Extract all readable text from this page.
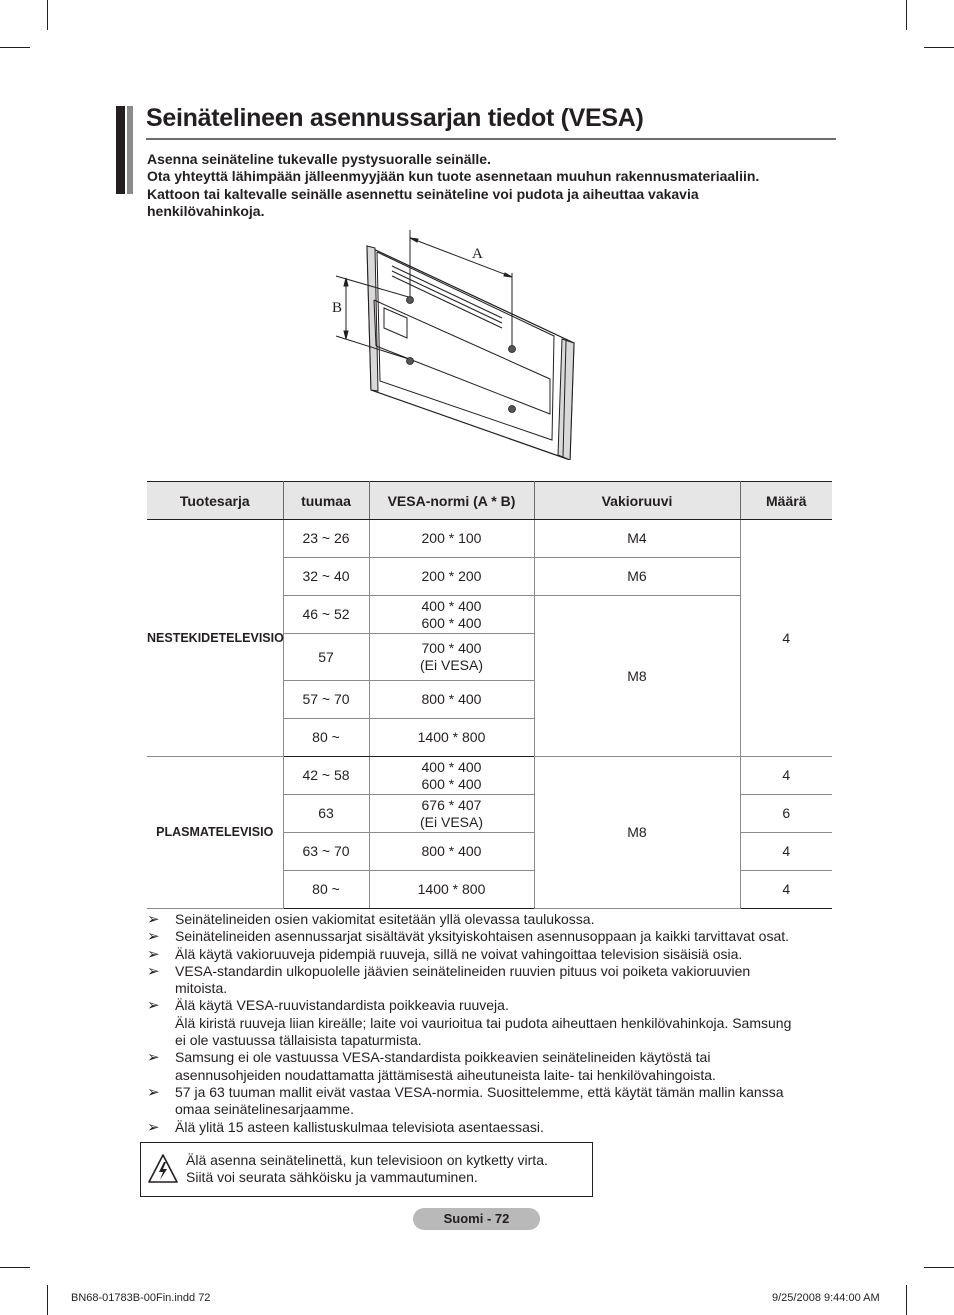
Seinätelineen asennussarjan tiedot (VESA)
Asenna seinäteline tukevalle pystysuoralle seinälle.
Ota yhteyttä lähimpään jälleenmyyjään kun tuote asennetaan muuhun rakennusmateriaaliin.
Kattoon tai kaltevalle seinälle asennettu seinäteline voi pudota ja aiheuttaa vakavia
henkilövahinkoja.
A
B
Tuotesarja	tuumaa	VESA-normi (A * B)	Vakioruuvi	Määrä
NESTEKIDETELEVISIO	23 ~ 26	200 * 100	M4	4
	32 ~ 40	200 * 200	M6	
	46 ~ 52	400 * 400
600 * 400	M8	
	57	700 * 400
(Ei VESA)		

	57 ~ 70	800 * 400		

	80 ~	1400 * 800		

PLASMATELEVISIO	42 ~ 58	400 * 400
600 * 400	M8	4
	63	676 * 407
(Ei VESA)		6
	63 ~ 70	800 * 400		4
	80 ~	1400 * 800		4
➢	Seinätelineiden osien vakiomitat esitetään yllä olevassa taulukossa.
➢	Seinätelineiden asennussarjat sisältävät yksityiskohtaisen asennusoppaan ja kaikki tarvittavat osat.
➢	Älä käytä vakioruuveja pidempiä ruuveja, sillä ne voivat vahingoittaa television sisäisiä osia.
➢	VESA-standardin ulkopuolelle jäävien seinätelineiden ruuvien pituus voi poiketa vakioruuvien
mitoista.
➢	Älä käytä VESA-ruuvistandardista poikkeavia ruuveja.
Älä kiristä ruuveja liian kireälle; laite voi vaurioitua tai pudota aiheuttaen henkilövahinkoja. Samsung
ei ole vastuussa tällaisista tapaturmista.
➢	Samsung ei ole vastuussa VESA-standardista poikkeavien seinätelineiden käytöstä tai
asennusohjeiden noudattamatta jättämisestä aiheutuneista laite- tai henkilövahingoista.
➢	57 ja 63 tuuman mallit eivät vastaa VESA-normia. Suosittelemme, että käytät tämän mallin kanssa
omaa seinätelinesarjaamme.
➢	Älä ylitä 15 asteen kallistuskulmaa televisiota asentaessasi.
Älä asenna seinätelinettä, kun televisioon on kytketty virta.
Siitä voi seurata sähköisku ja vammautuminen.
Suomi - 72
BN68-01783B-00Fin.indd 72	9/25/2008 9:44:00 AM
